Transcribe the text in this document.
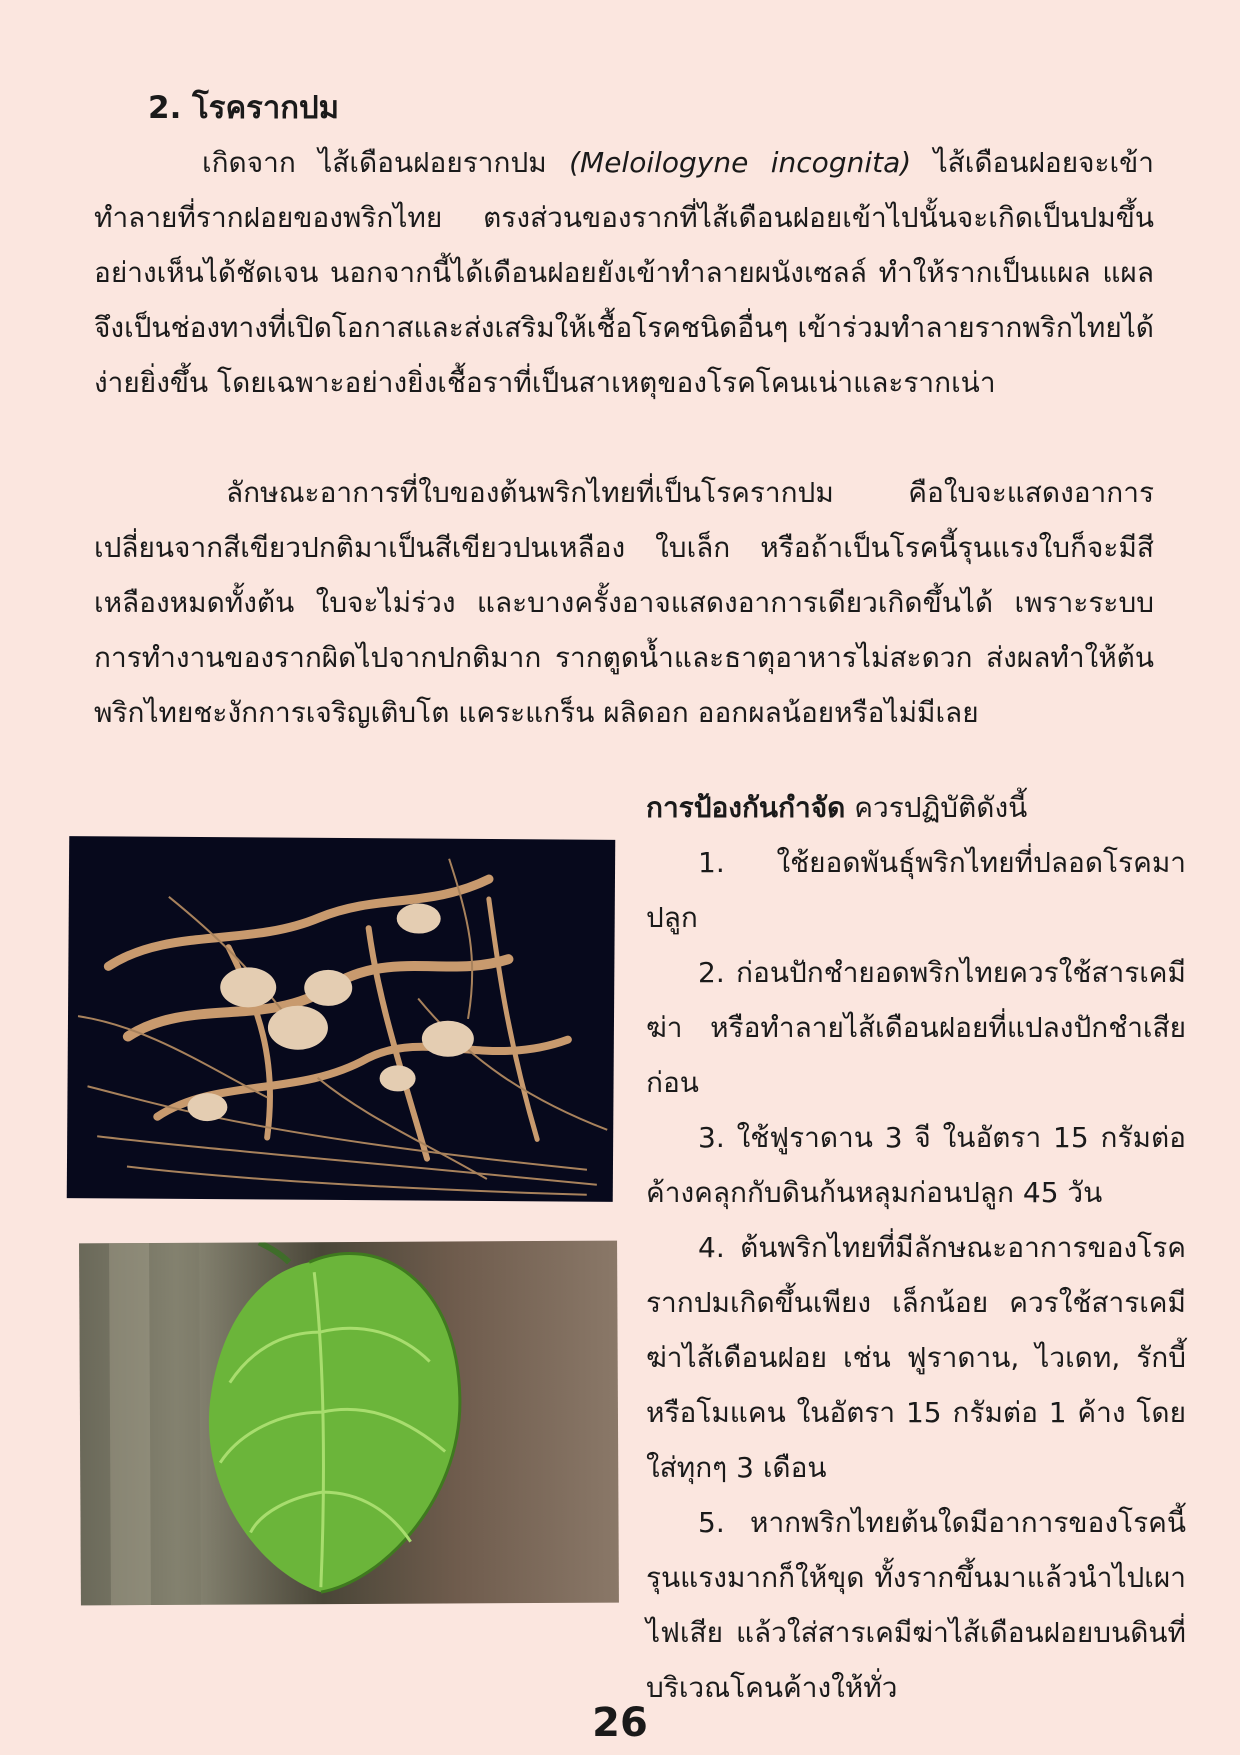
2. โรครากปม

เกิดจาก ไส้เดือนฝอยรากปม (Meloilogyne incognita) ไส้เดือนฝอยจะเข้าทำลายที่รากฝอยของพริกไทย ตรงส่วนของรากที่ไส้เดือนฝอยเข้าไปนั้นจะเกิดเป็นปมขึ้นอย่างเห็นได้ชัดเจน นอกจากนี้ได้เดือนฝอยยังเข้าทำลายผนังเซลล์ ทำให้รากเป็นแผล แผลจึงเป็นช่องทางที่เปิดโอกาสและส่งเสริมให้เชื้อโรคชนิดอื่นๆ เข้าร่วมทำลายรากพริกไทยได้ง่ายยิ่งขึ้น โดยเฉพาะอย่างยิ่งเชื้อราที่เป็นสาเหตุของโรคโคนเน่าและรากเน่า

ลักษณะอาการที่ใบของต้นพริกไทยที่เป็นโรครากปม คือใบจะแสดงอาการเปลี่ยนจากสีเขียวปกติมาเป็นสีเขียวปนเหลือง ใบเล็ก หรือถ้าเป็นโรคนี้รุนแรงใบก็จะมีสีเหลืองหมดทั้งต้น ใบจะไม่ร่วง และบางครั้งอาจแสดงอาการเดียวเกิดขึ้นได้ เพราะระบบการทำงานของรากผิดไปจากปกติมาก รากตูดน้ำและธาตุอาหารไม่สะดวก ส่งผลทำให้ต้นพริกไทยชะงักการเจริญเติบโต แคระแกร็น ผลิดอก ออกผลน้อยหรือไม่มีเลย

การป้องกันกำจัด ควรปฏิบัติดังนี้
1. ใช้ยอดพันธุ์พริกไทยที่ปลอดโรคมาปลูก
2. ก่อนปักชำยอดพริกไทยควรใช้สารเคมีฆ่า หรือทำลายไส้เดือนฝอยที่แปลงปักชำเสียก่อน
3. ใช้ฟูราดาน 3 จี ในอัตรา 15 กรัมต่อค้างคลุกกับดินก้นหลุมก่อนปลูก 45 วัน
4. ต้นพริกไทยที่มีลักษณะอาการของโรครากปมเกิดขึ้นเพียง เล็กน้อย ควรใช้สารเคมีฆ่าไส้เดือนฝอย เช่น ฟูราดาน, ไวเดท, รักบี้ หรือโมแคน ในอัตรา 15 กรัมต่อ 1 ค้าง โดยใส่ทุกๆ 3 เดือน
5. หากพริกไทยต้นใดมีอาการของโรคนี้รุนแรงมากก็ให้ขุด ทั้งรากขึ้นมาแล้วนำไปเผาไฟเสีย แล้วใส่สารเคมีฆ่าไส้เดือนฝอยบนดินที่บริเวณโคนค้างให้ทั่ว
26
